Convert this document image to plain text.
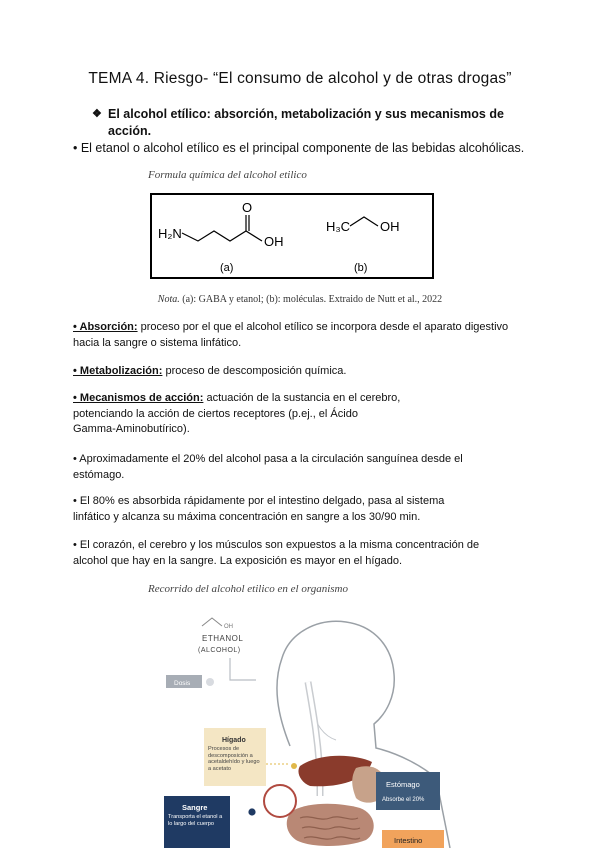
TEMA 4. Riesgo- “El consumo de alcohol y de otras drogas”
❖ El alcohol etílico: absorción, metabolización y sus mecanismos de acción.
• El etanol o alcohol etílico es el principal componente de las bebidas alcohólicas.
Formula química del alcohol etilico
H₂N
O
OH
(a)
H₃C OH
(b)
Nota. (a): GABA y etanol; (b): moléculas. Extraido de Nutt et al., 2022
• Absorción: proceso por el que el alcohol etílico se incorpora desde el aparato digestivo hacia la sangre o sistema linfático.
• Metabolización: proceso de descomposición química.
• Mecanismos de acción: actuación de la sustancia en el cerebro, potenciando la acción de ciertos receptores (p.ej., el Ácido Gamma-Aminobutírico).
• Aproximadamente el 20% del alcohol pasa a la circulación sanguínea desde el estómago.
• El 80% es absorbida rápidamente por el intestino delgado, pasa al sistema linfático y alcanza su máxima concentración en sangre a los 30/90 min.
• El corazón, el cerebro y los músculos son expuestos a la misma concentración de alcohol que hay en la sangre. La exposición es mayor en el hígado.
Recorrido del alcohol etilico en el organismo
OH
ETHANOL
(ALCOHOL)
Dosis
Hígado
Procesos de descomposición a acetaldehído y luego a acetato
Estómago
Absorbe el 20%
Sangre
Transporta el etanol a lo largo del cuerpo
Intestino
